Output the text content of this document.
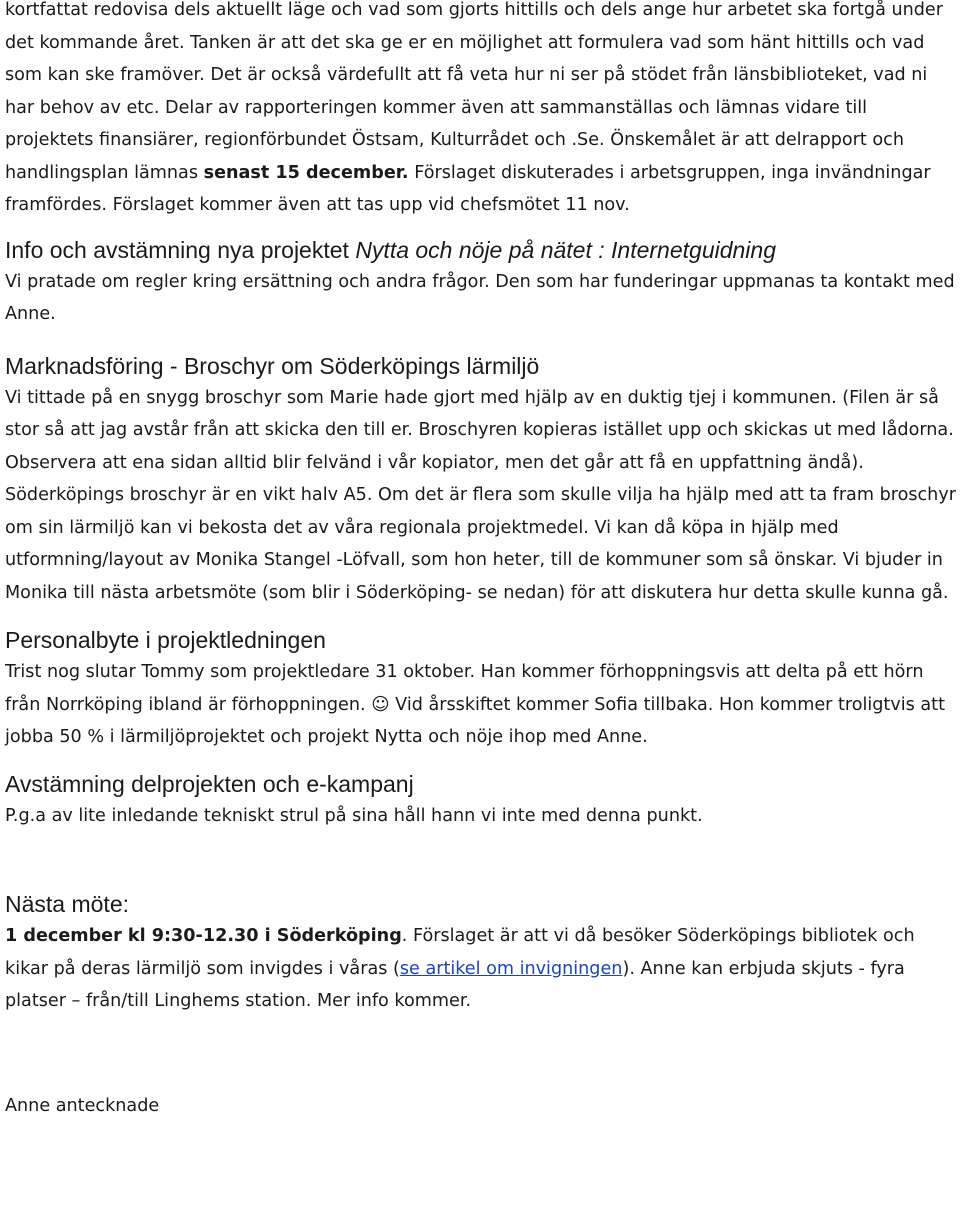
kortfattat redovisa dels aktuellt läge och vad som gjorts hittills och dels ange hur arbetet ska fortgå under det kommande året. Tanken är att det ska ge er en möjlighet att formulera vad som hänt hittills och vad som kan ske framöver. Det är också värdefullt att få veta hur ni ser på stödet från länsbiblioteket, vad ni har behov av etc. Delar av rapporteringen kommer även att sammanställas och lämnas vidare till projektets finansiärer, regionförbundet Östsam, Kulturrådet och .Se. Önskemålet är att delrapport och handlingsplan lämnas senast 15 december. Förslaget diskuterades i arbetsgruppen, inga invändningar framfördes. Förslaget kommer även att tas upp vid chefsmötet 11 nov.

Info och avstämning nya projektet Nytta och nöje på nätet : Internetguidning

Vi pratade om regler kring ersättning och andra frågor. Den som har funderingar uppmanas ta kontakt med Anne.

Marknadsföring - Broschyr om Söderköpings lärmiljö

Vi tittade på en snygg broschyr som Marie hade gjort med hjälp av en duktig tjej i kommunen. (Filen är så stor så att jag avstår från att skicka den till er. Broschyren kopieras istället upp och skickas ut med lådorna. Observera att ena sidan alltid blir felvänd i vår kopiator, men det går att få en uppfattning ändå). Söderköpings broschyr är en vikt halv A5. Om det är flera som skulle vilja ha hjälp med att ta fram broschyr om sin lärmiljö kan vi bekosta det av våra regionala projektmedel. Vi kan då köpa in hjälp med utformning/layout av Monika Stangel -Löfvall, som hon heter, till de kommuner som så önskar. Vi bjuder in Monika till nästa arbetsmöte (som blir i Söderköping- se nedan) för att diskutera hur detta skulle kunna gå.

Personalbyte i projektledningen

Trist nog slutar Tommy som projektledare 31 oktober. Han kommer förhoppningsvis att delta på ett hörn från Norrköping ibland är förhoppningen. ☺ Vid årsskiftet kommer Sofia tillbaka. Hon kommer troligtvis att jobba 50 % i lärmiljöprojektet och projekt Nytta och nöje ihop med Anne.

Avstämning delprojekten och e-kampanj

P.g.a av lite inledande tekniskt strul på sina håll hann vi inte med denna punkt.

Nästa möte:

1 december kl 9:30-12.30 i Söderköping. Förslaget är att vi då besöker Söderköpings bibliotek och kikar på deras lärmiljö som invigdes i våras (se artikel om invigningen). Anne kan erbjuda skjuts - fyra platser – från/till Linghems station. Mer info kommer.

Anne antecknade
